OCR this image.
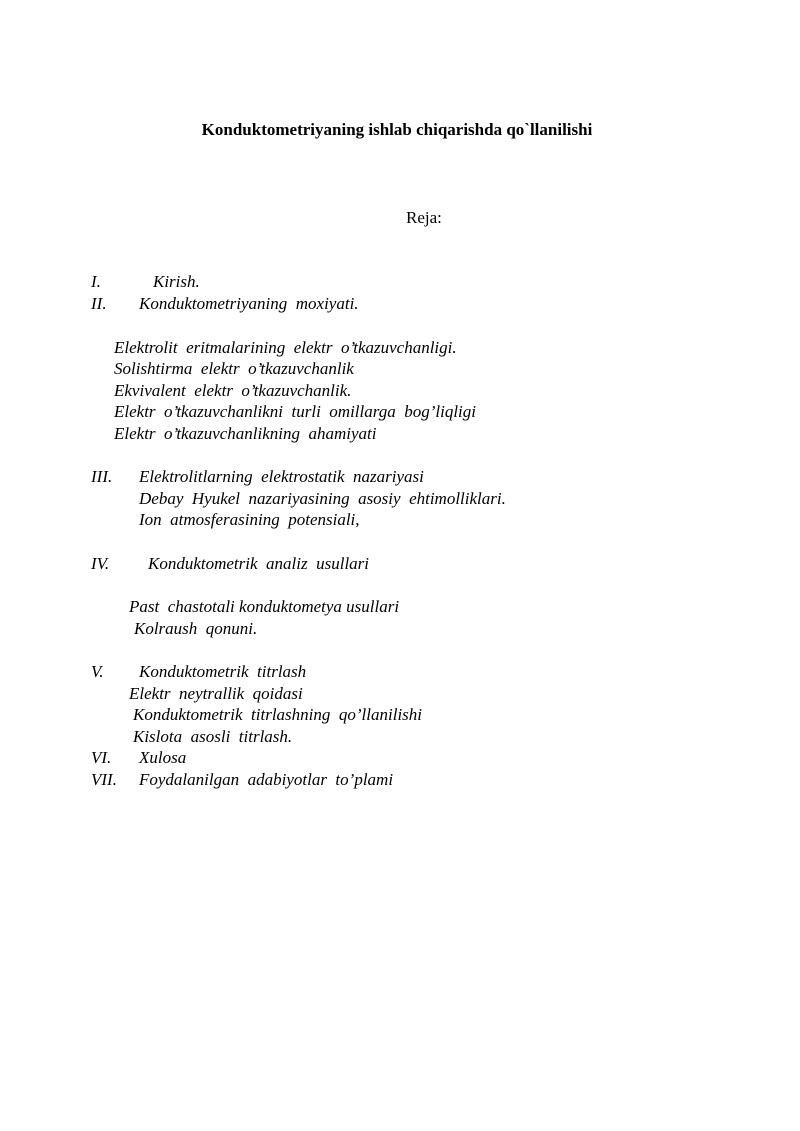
Konduktometriyaning ishlab chiqarishda qo`llanilishi
Reja:
I.	Kirish.
II. Konduktometriyaning  moxiyati.
Elektrolit  eritmalarining  elektr  o’tkazuvchanligi.
Solishtirma  elektr  o’tkazuvchanlik
Ekvivalent  elektr  o’tkazuvchanlik.
Elektr  o’tkazuvchanlikni  turli  omillarga  bog’liqligi
Elektr  o’tkazuvchanlikning  ahamiyati
III. Elektrolitlarning  elektrostatik  nazariyasi
Debay  Hyukel  nazariyasining  asosiy  ehtimolliklari.
Ion  atmosferasining  potensiali,
IV. Konduktometrik  analiz  usullari
Past  chastotali konduktometya usullari
Kolraush  qonuni.
V. Konduktometrik  titrlash
Elektr  neytrallik  qoidasi
Konduktometrik  titrlashning  qo’llanilishi
Kislota  asosli  titrlash.
VI. Xulosa
VII. Foydalanilgan  adabiyotlar  to’plami
